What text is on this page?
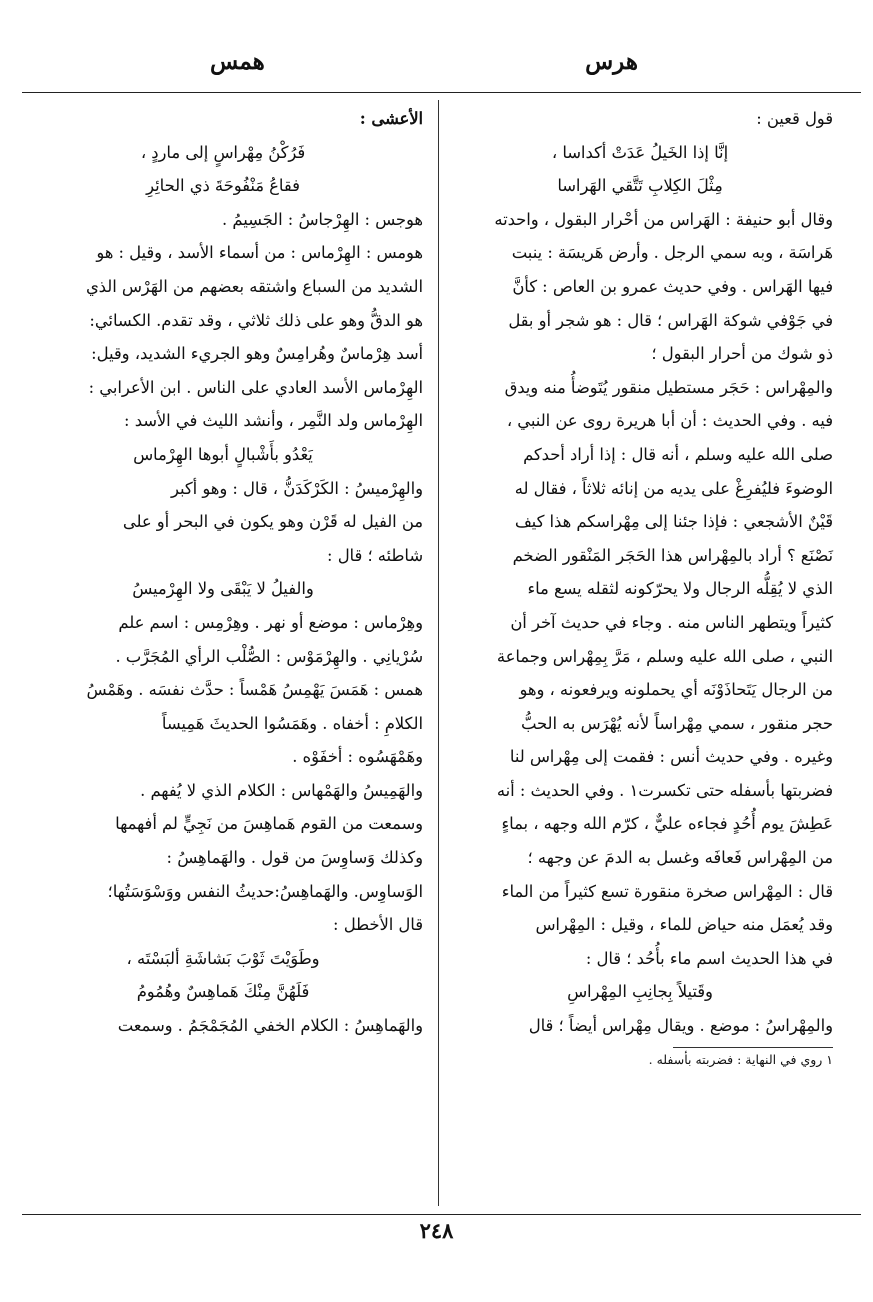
هرس
همس

قول قعين :

إنَّا إذا الخَيلُ عَدَتْ أكداسا ،

مِثْلَ الكِلابِ تَتَّقي الهَراسا

وقال أبو حنيفة : الهَراس من أحْرار البقول ، واحدته

هَراسَة ، وبه سمي الرجل . وأرض هَريسَة : ينبت

فيها الهَراس . وفي حديث عمرو بن العاص : كأنَّ

في جَوْفي شوكة الهَراس ؛ قال : هو شجر أو بقل

ذو شوك من أحرار البقول ؛

والمِهْراس : حَجَر مستطيل منقور يُتَوضأُ منه ويدق

فيه . وفي الحديث : أن أبا هريرة روى عن النبي ،

صلى الله عليه وسلم ، أنه قال : إذا أراد أحدكم

الوضوءَ فليُفرِغْ على يديه من إنائه ثلاثاً ، فقال له

قَيْنٌ الأشجعي : فإذا جئنا إلى مِهْراسكم هذا كيف

نَصْنَع ؟ أراد بالمِهْراس هذا الحَجَر المَنْقور الضخم

الذي لا يُقِلُّه الرجال ولا يحرّكونه لثقله يسع ماء

كثيراً ويتطهر الناس منه . وجاء في حديث آخر أن

النبي ، صلى الله عليه وسلم ، مَرَّ بِمِهْراس وجماعة

من الرجال يَتَحاذَوْنَه أي يحملونه ويرفعونه ، وهو

حجر منقور ، سمي مِهْراساً لأنه يُهْرَس به الحبُّ

وغيره . وفي حديث أنس : فقمت إلى مِهْراس لنا

فضربتها بأسفله حتى تكسرت١ . وفي الحديث : أنه

عَطِشَ يوم أُحُدٍ فجاءه عليٌّ ، كرّم الله وجهه ، بماءٍ

من المِهْراس فَعافَه وغسل به الدمَ عن وجهه ؛

قال : المِهْراس صخرة منقورة تسع كثيراً من الماء

وقد يُعمَل منه حياض للماء ، وقيل : المِهْراس

في هذا الحديث اسم ماء بأُحُد ؛ قال :

وقَتيلاً بِجانِبِ المِهْراسِ

والمِهْراسُ : موضع . ويقال مِهْراس أيضاً ؛ قال

١ روي في النهاية : فضربته بأسفله .

الأعشى :

فَرُكْنُ مِهْراسٍ إلى ماردٍ ،

فقاعُ مَنْفُوحَةَ ذي الحائِرِ

هوجس : الهِرْجاسُ : الجَسِيمُ .

هومس : الهِرْماس : من أسماء الأسد ، وقيل : هو

الشديد من السباع واشتقه بعضهم من الهَرْس الذي

هو الدقُّ وهو على ذلك ثلاثي ، وقد تقدم. الكسائي:

أسد هِرْماسٌ وهُرامِسٌ وهو الجريء الشديد، وقيل:

الهِرْماس الأسد العادي على الناس . ابن الأعرابي :

الهِرْماس ولد النَّمِر ، وأنشد الليث في الأسد :

يَعْدُو بأَشْبالٍ أبوها الهِرْماس

والهِرْميسُ : الكَرْكَدَنُّ ، قال : وهو أكبر

من الفيل له قَرْن وهو يكون في البحر أو على

شاطئه ؛ قال :

والفيلُ لا يَبْقَى ولا الهِرْميسُ

وهِرْماس : موضع أو نهر . وهِرْمِس : اسم علم

سُرْيانِي . والهِرْمَوْس : الصُّلْب الرأي المُجَرَّب .

همس : هَمَسَ يَهْمِسُ هَمْساً : حدَّث نفسَه . وهَمْسُ

الكلامِ : أخفاه . وهَمَسُوا الحديثَ هَمِيساً

وهَمْهَسُوه : أخفَوْه .

والهَمِيسُ والهَمْهاس : الكلام الذي لا يُفهم .

وسمعت من القوم هَماهِسَ من نَجِيٍّ لم أفهمها

وكذلك وَساوِسَ من قول . والهَماهِسُ :

الوَساوِس. والهَماهِسُ:حديثُ النفس ووَسْوَسَتُها؛

قال الأخطل :

وطَوَيْتَ ثَوْبَ بَشاشَةِ ألبَسْتَه ،

فَلَهُنَّ مِنْكَ هَماهِسٌ وهُمُومُ

والهَماهِسُ : الكلام الخفي المُجَمْجَمُ . وسمعت

٢٤٨
